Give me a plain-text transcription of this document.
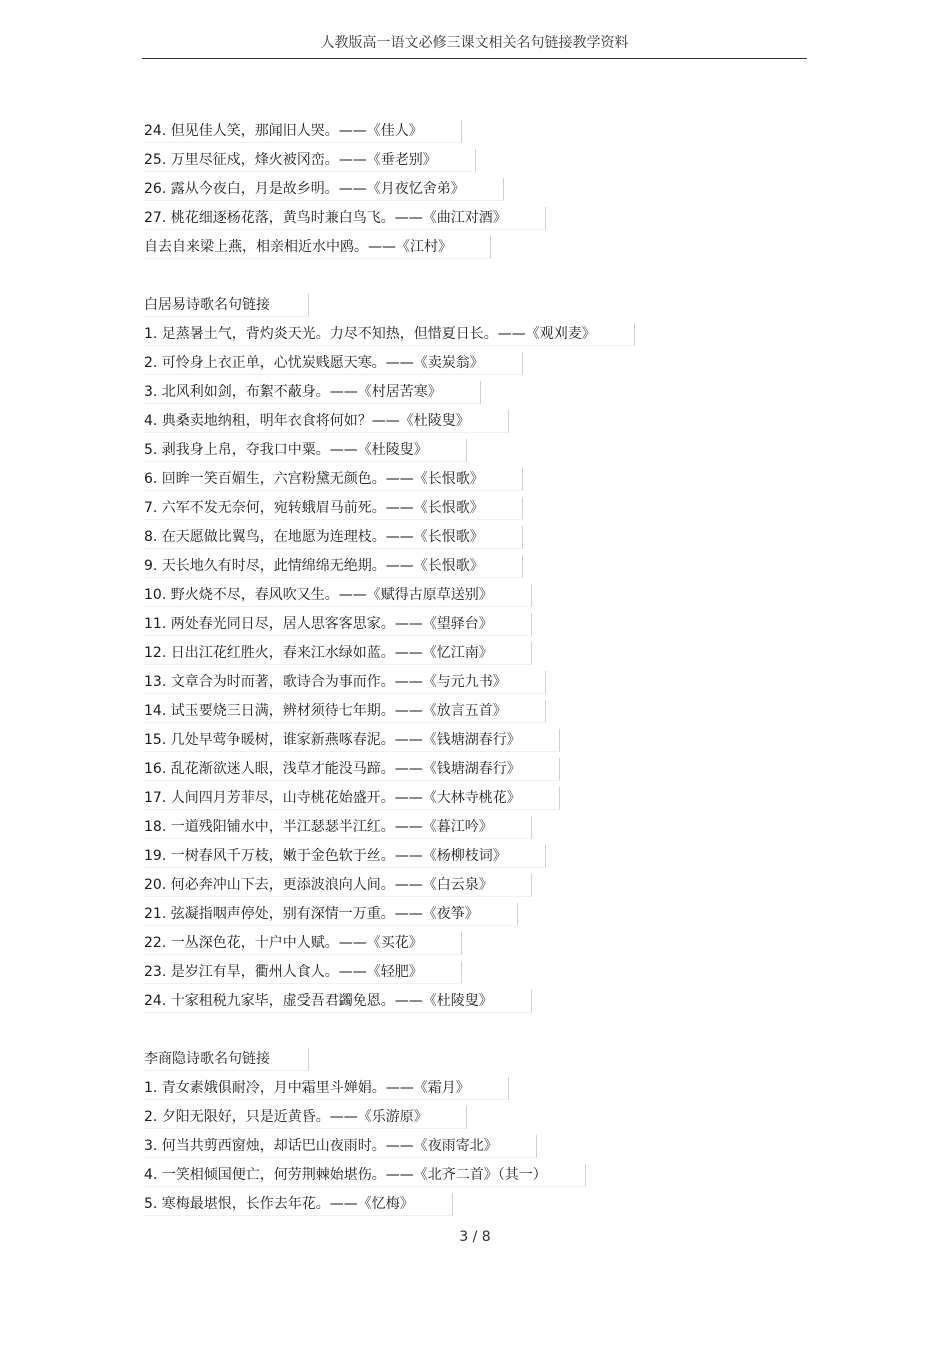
人教版高一语文必修三课文相关名句链接教学资料
24. 但见佳人笑，那闻旧人哭。——《佳人》
25. 万里尽征戍，烽火被冈峦。——《垂老别》
26. 露从今夜白，月是故乡明。——《月夜忆舍弟》
27. 桃花细逐杨花落，黄鸟时兼白鸟飞。——《曲江对酒》
自去自来梁上燕，相亲相近水中鸥。——《江村》
白居易诗歌名句链接
1. 足蒸暑土气，背灼炎天光。力尽不知热，但惜夏日长。——《观刈麦》
2. 可怜身上衣正单，心忧炭贱愿天寒。——《卖炭翁》
3. 北风利如剑，布絮不蔽身。——《村居苦寒》
4. 典桑卖地纳租，明年衣食将何如？——《杜陵叟》
5. 剥我身上帛，夺我口中粟。——《杜陵叟》
6. 回眸一笑百媚生，六宫粉黛无颜色。——《长恨歌》
7. 六军不发无奈何，宛转蛾眉马前死。——《长恨歌》
8. 在天愿做比翼鸟，在地愿为连理枝。——《长恨歌》
9. 天长地久有时尽，此情绵绵无绝期。——《长恨歌》
10. 野火烧不尽，春风吹又生。——《赋得古原草送别》
11. 两处春光同日尽，居人思客客思家。——《望驿台》
12. 日出江花红胜火，春来江水绿如蓝。——《忆江南》
13. 文章合为时而著，歌诗合为事而作。——《与元九书》
14. 试玉要烧三日满，辨材须待七年期。——《放言五首》
15. 几处早莺争暖树，谁家新燕啄春泥。——《钱塘湖春行》
16. 乱花渐欲迷人眼，浅草才能没马蹄。——《钱塘湖春行》
17. 人间四月芳菲尽，山寺桃花始盛开。——《大林寺桃花》
18. 一道残阳铺水中，半江瑟瑟半江红。——《暮江吟》
19. 一树春风千万枝，嫩于金色软于丝。——《杨柳枝词》
20. 何必奔冲山下去，更添波浪向人间。——《白云泉》
21. 弦凝指咽声停处，别有深情一万重。——《夜筝》
22. 一丛深色花，十户中人赋。——《买花》
23. 是岁江有旱，衢州人食人。——《轻肥》
24. 十家租税九家毕，虚受吾君蠲免恩。——《杜陵叟》
李商隐诗歌名句链接
1. 青女素娥俱耐冷，月中霜里斗婵娟。——《霜月》
2. 夕阳无限好，只是近黄昏。——《乐游原》
3. 何当共剪西窗烛，却话巴山夜雨时。——《夜雨寄北》
4. 一笑相倾国便亡，何劳荆棘始堪伤。——《北齐二首》（其一）
5. 寒梅最堪恨，长作去年花。——《忆梅》
3 / 8
